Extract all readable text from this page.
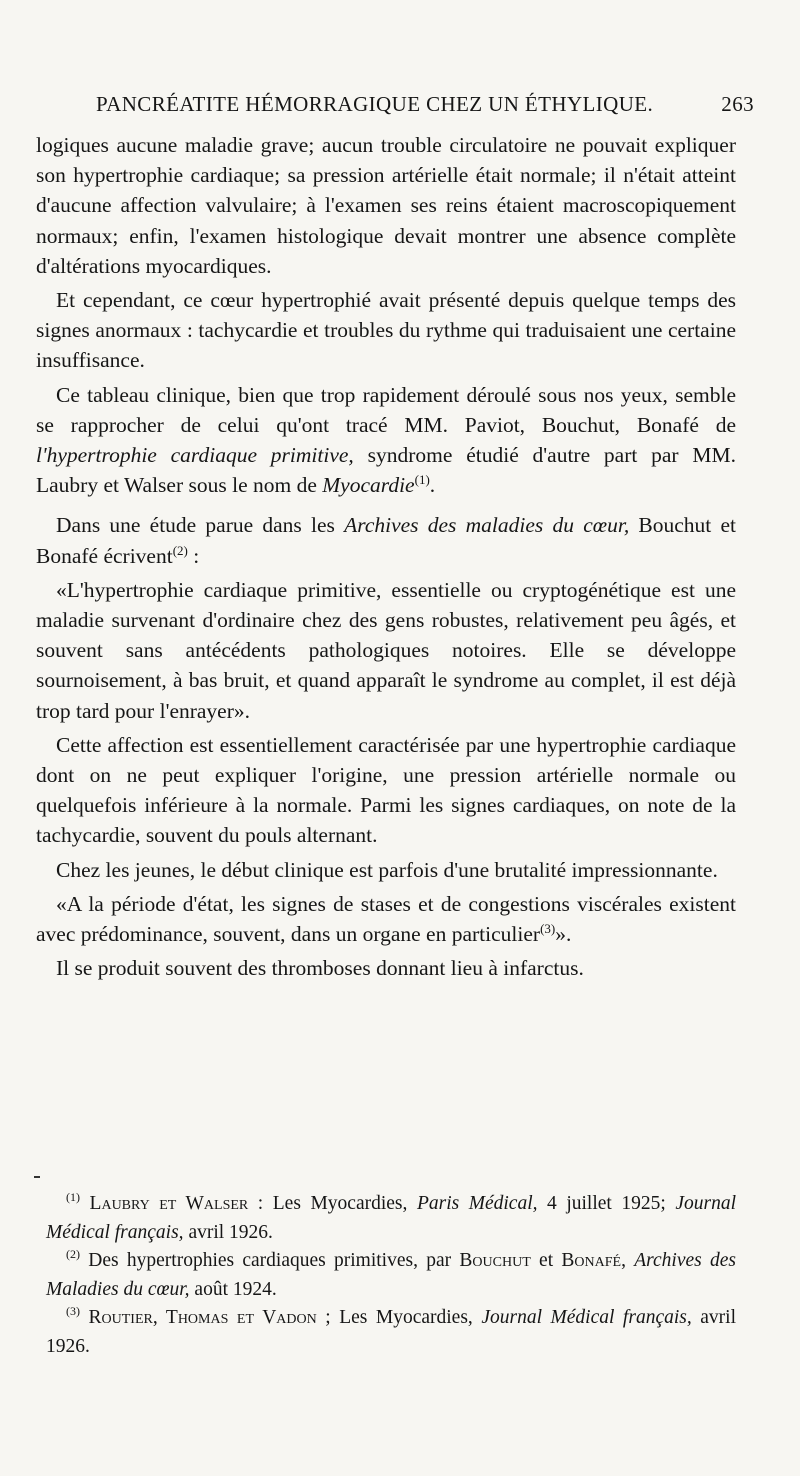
PANCRÉATITE HÉMORRAGIQUE CHEZ UN ÉTHYLIQUE.	263

logiques aucune maladie grave; aucun trouble circulatoire ne pouvait expliquer son hypertrophie cardiaque; sa pression artérielle était normale; il n'était atteint d'aucune affection valvulaire; à l'examen ses reins étaient macroscopiquement normaux; enfin, l'examen histologique devait montrer une absence complète d'altérations myocardiques.

Et cependant, ce cœur hypertrophié avait présenté depuis quelque temps des signes anormaux : tachycardie et troubles du rythme qui traduisaient une certaine insuffisance.

Ce tableau clinique, bien que trop rapidement déroulé sous nos yeux, semble se rapprocher de celui qu'ont tracé MM. Paviot, Bouchut, Bonafé de l'hypertrophie cardiaque primitive, syndrome étudié d'autre part par MM. Laubry et Walser sous le nom de Myocardie$^{(1)}$.

Dans une étude parue dans les Archives des maladies du cœur, Bouchut et Bonafé écrivent$^{(2)}$ :

«L'hypertrophie cardiaque primitive, essentielle ou cryptogénétique est une maladie survenant d'ordinaire chez des gens robustes, relativement peu âgés, et souvent sans antécédents pathologiques notoires. Elle se développe sournoisement, à bas bruit, et quand apparaît le syndrome au complet, il est déjà trop tard pour l'enrayer».

Cette affection est essentiellement caractérisée par une hypertrophie cardiaque dont on ne peut expliquer l'origine, une pression artérielle normale ou quelquefois inférieure à la normale. Parmi les signes cardiaques, on note de la tachycardie, souvent du pouls alternant.

Chez les jeunes, le début clinique est parfois d'une brutalité impressionnante.

«A la période d'état, les signes de stases et de congestions viscérales existent avec prédominance, souvent, dans un organe en particulier$^{(3)}$».

Il se produit souvent des thromboses donnant lieu à infarctus.

$^{(1)}$ Laubry et Walser : Les Myocardies, Paris Médical, 4 juillet 1925; Journal Médical français, avril 1926.

$^{(2)}$ Des hypertrophies cardiaques primitives, par Bouchut et Bonafé, Archives des Maladies du cœur, août 1924.

$^{(3)}$ Routier, Thomas et Vadon ; Les Myocardies, Journal Médical français, avril 1926.
